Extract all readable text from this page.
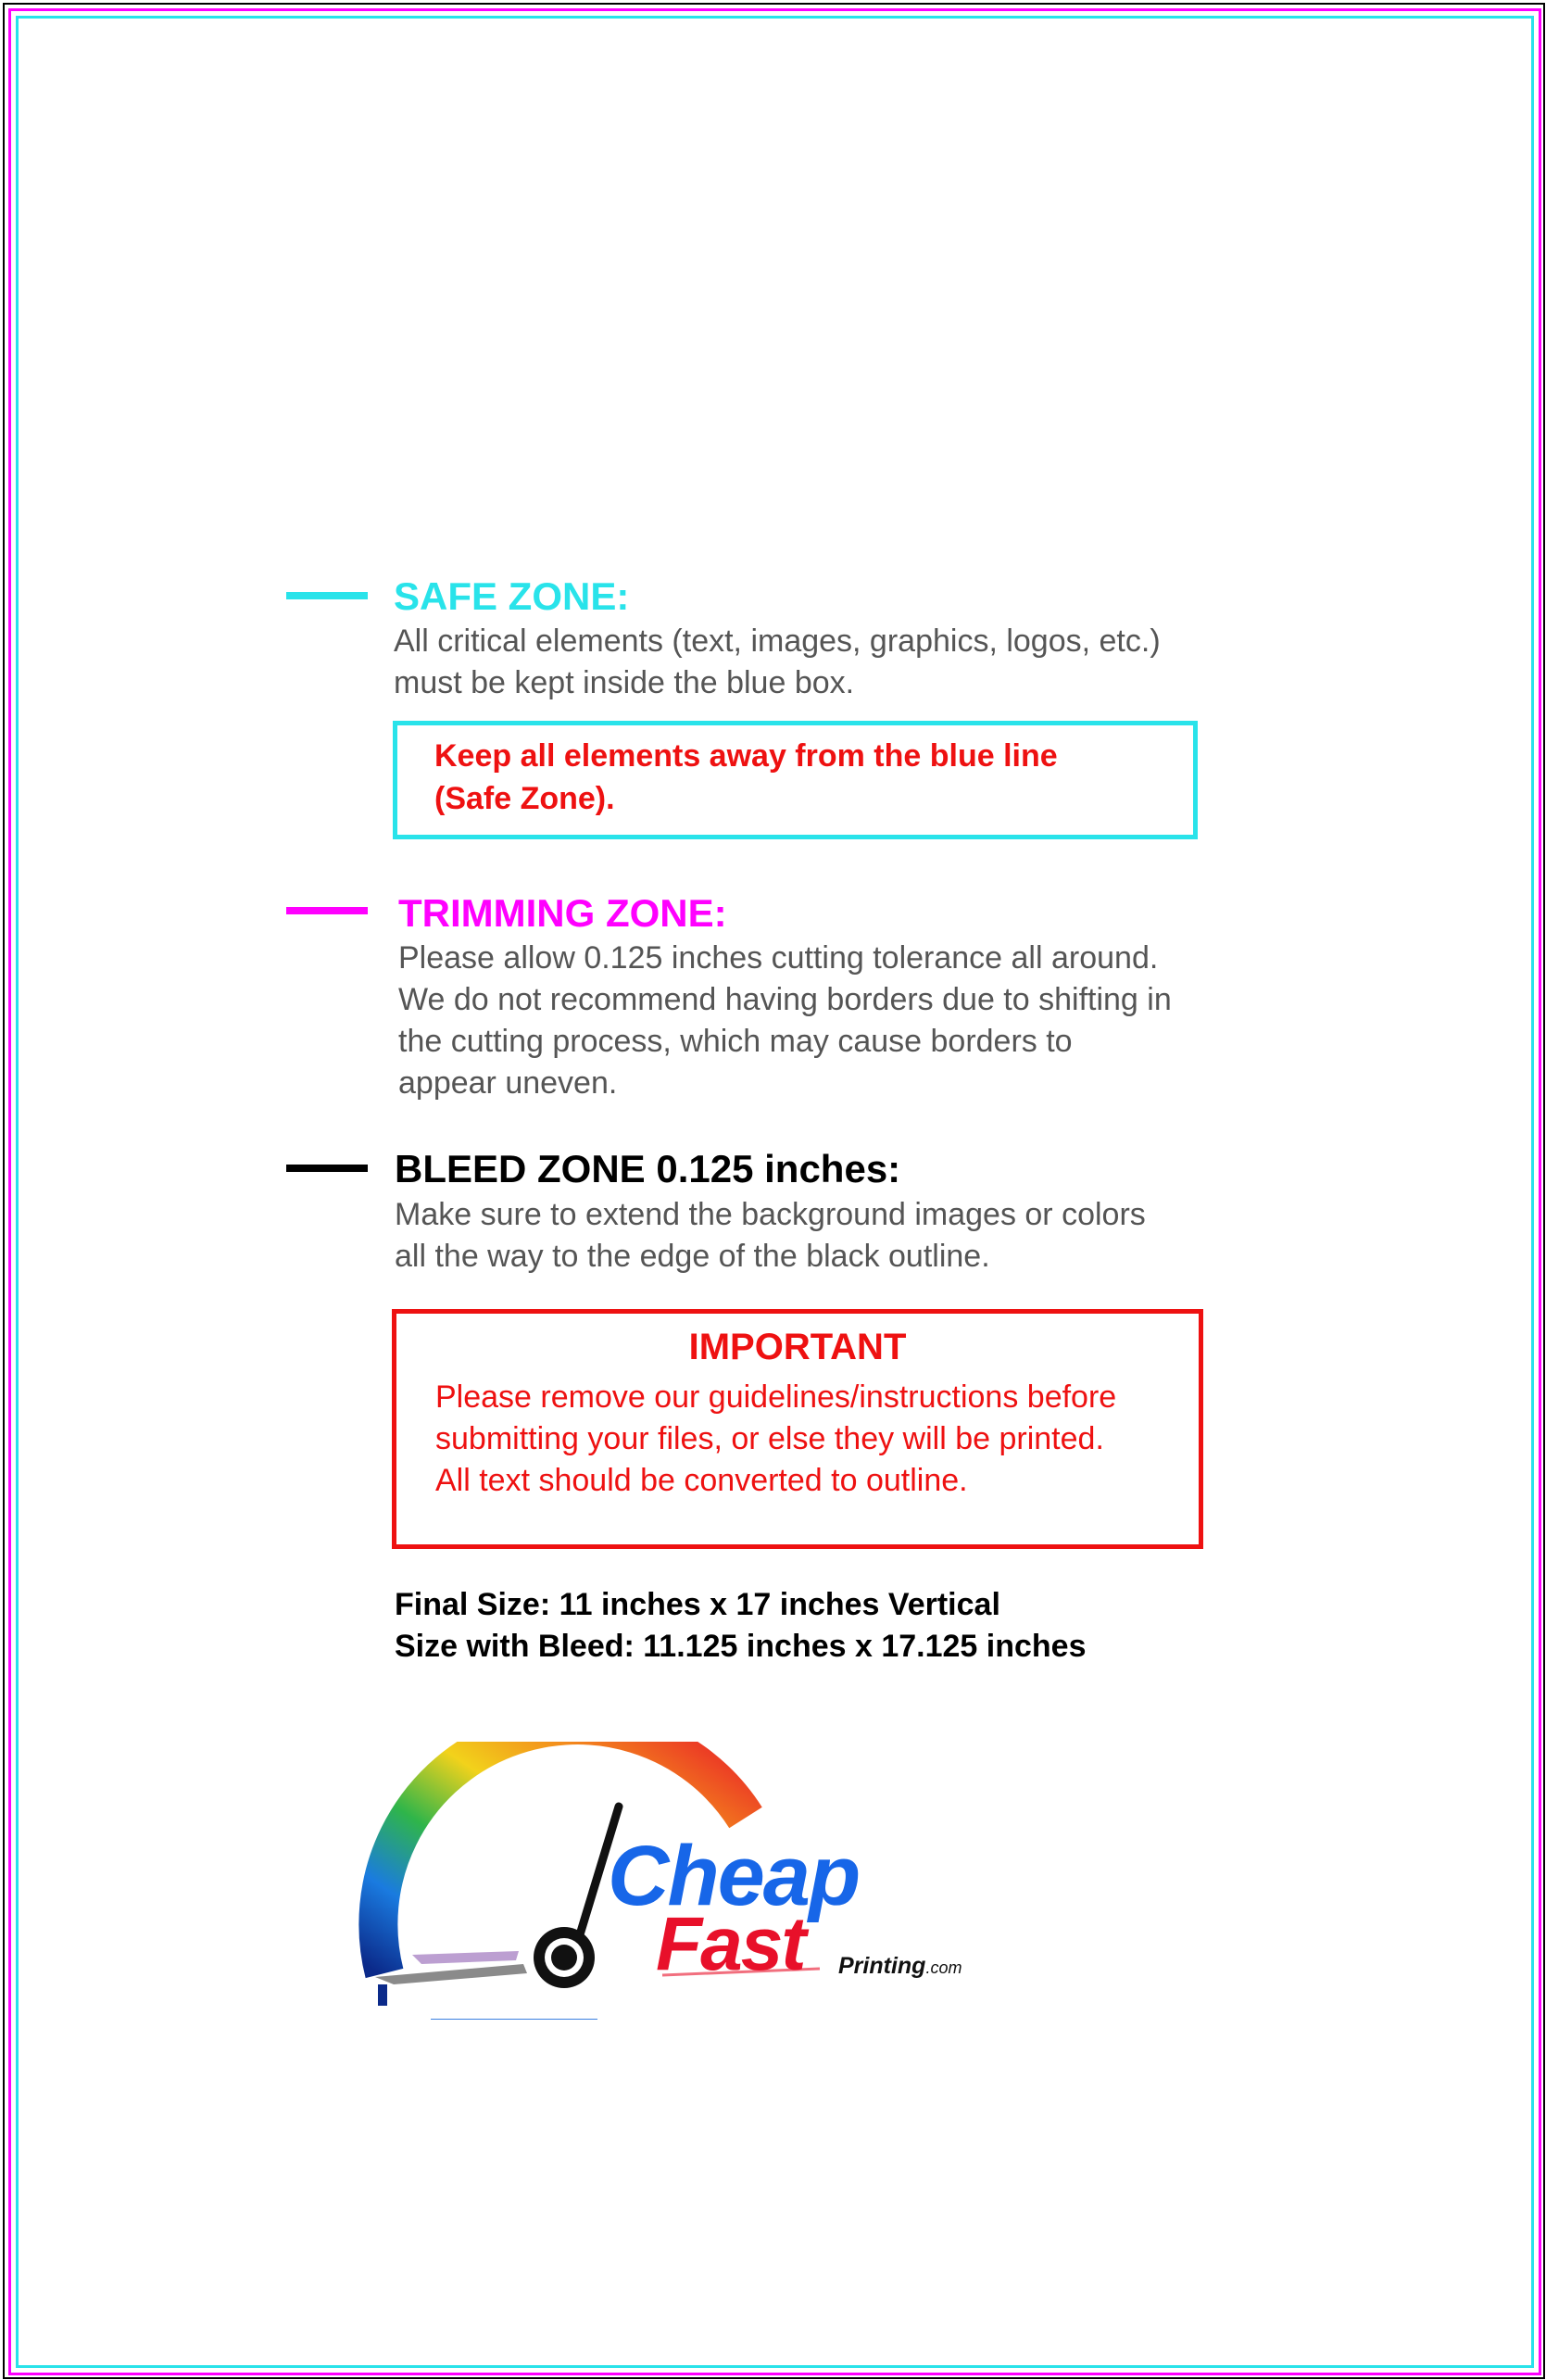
SAFE ZONE:
All critical elements (text, images, graphics, logos, etc.)
must be kept inside the blue box.
Keep all elements away from the blue line
(Safe Zone).
TRIMMING ZONE:
Please allow 0.125 inches cutting tolerance all around.
We do not recommend having borders due to shifting in
the cutting process, which may cause borders to
appear uneven.
BLEED ZONE 0.125 inches:
Make sure to extend the background images or colors
all the way to the edge of the black outline.
IMPORTANT
Please remove our guidelines/instructions before
submitting your files, or else they will be printed.
All text should be converted to outline.
Final Size: 11 inches x 17 inches Vertical
Size with Bleed: 11.125 inches x 17.125 inches
Cheap
Fast Printing.com
